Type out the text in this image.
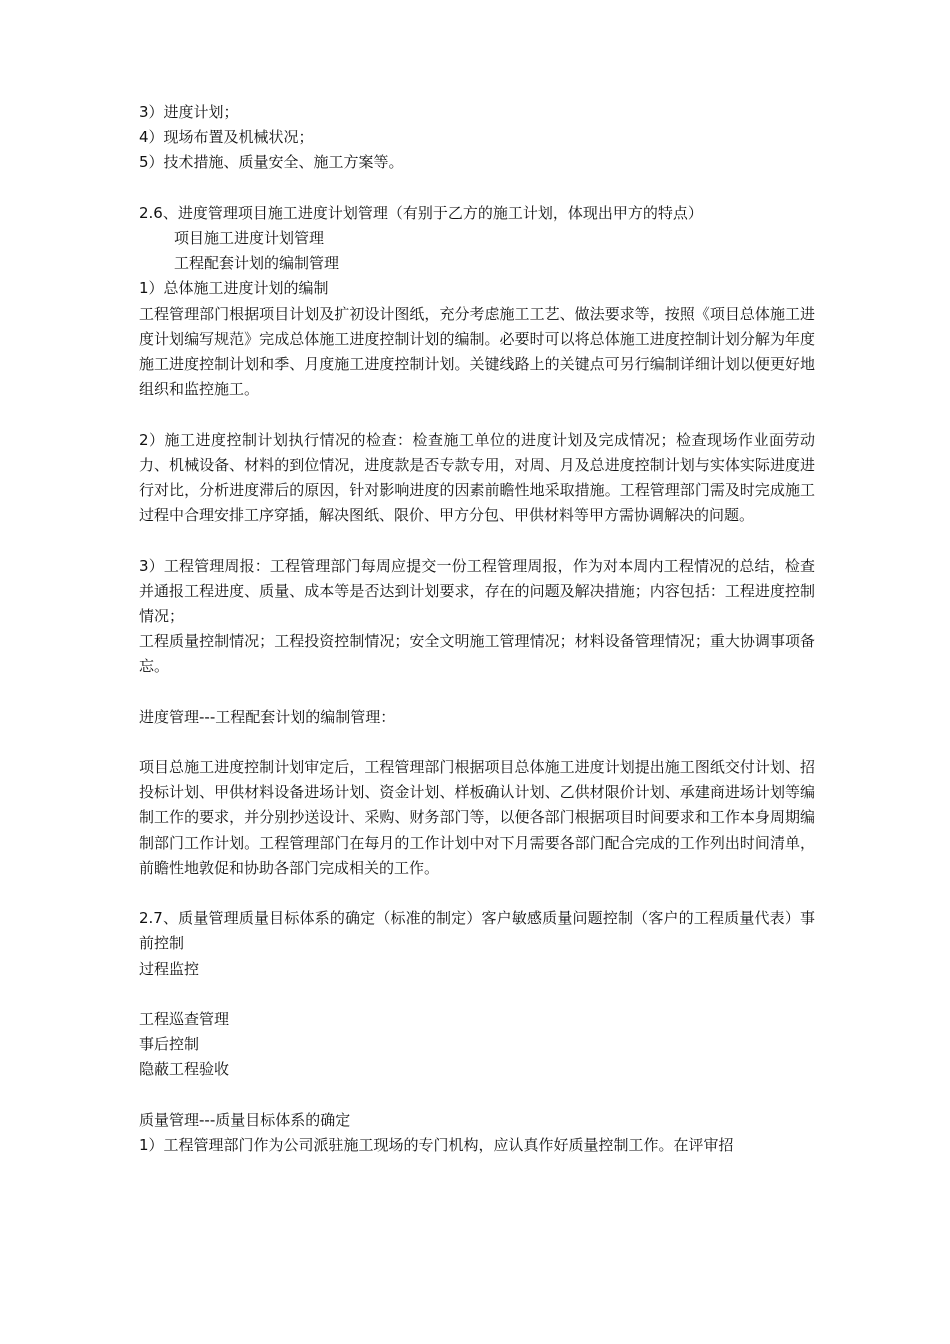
3）进度计划；

4）现场布置及机械状况；

5）技术措施、质量安全、施工方案等。

2.6、进度管理项目施工进度计划管理（有别于乙方的施工计划，体现出甲方的特点）

项目施工进度计划管理

工程配套计划的编制管理

1）总体施工进度计划的编制

工程管理部门根据项目计划及扩初设计图纸，充分考虑施工工艺、做法要求等，按照《项目总体施工进度计划编写规范》完成总体施工进度控制计划的编制。必要时可以将总体施工进度控制计划分解为年度施工进度控制计划和季、月度施工进度控制计划。关键线路上的关键点可另行编制详细计划以便更好地组织和监控施工。

2）施工进度控制计划执行情况的检查：检查施工单位的进度计划及完成情况；检查现场作业面劳动力、机械设备、材料的到位情况，进度款是否专款专用，对周、月及总进度控制计划与实体实际进度进行对比，分析进度滞后的原因，针对影响进度的因素前瞻性地采取措施。工程管理部门需及时完成施工过程中合理安排工序穿插，解决图纸、限价、甲方分包、甲供材料等甲方需协调解决的问题。

3）工程管理周报：工程管理部门每周应提交一份工程管理周报，作为对本周内工程情况的总结，检查并通报工程进度、质量、成本等是否达到计划要求，存在的问题及解决措施；内容包括：工程进度控制情况；

工程质量控制情况；工程投资控制情况；安全文明施工管理情况；材料设备管理情况；重大协调事项备忘。

进度管理---工程配套计划的编制管理：

项目总施工进度控制计划审定后，工程管理部门根据项目总体施工进度计划提出施工图纸交付计划、招投标计划、甲供材料设备进场计划、资金计划、样板确认计划、乙供材限价计划、承建商进场计划等编制工作的要求，并分别抄送设计、采购、财务部门等，以便各部门根据项目时间要求和工作本身周期编制部门工作计划。工程管理部门在每月的工作计划中对下月需要各部门配合完成的工作列出时间清单，前瞻性地敦促和协助各部门完成相关的工作。

2.7、质量管理质量目标体系的确定（标准的制定）客户敏感质量问题控制（客户的工程质量代表）事前控制

过程监控

工程巡查管理

事后控制

隐蔽工程验收

质量管理---质量目标体系的确定

1）工程管理部门作为公司派驻施工现场的专门机构，应认真作好质量控制工作。在评审招
